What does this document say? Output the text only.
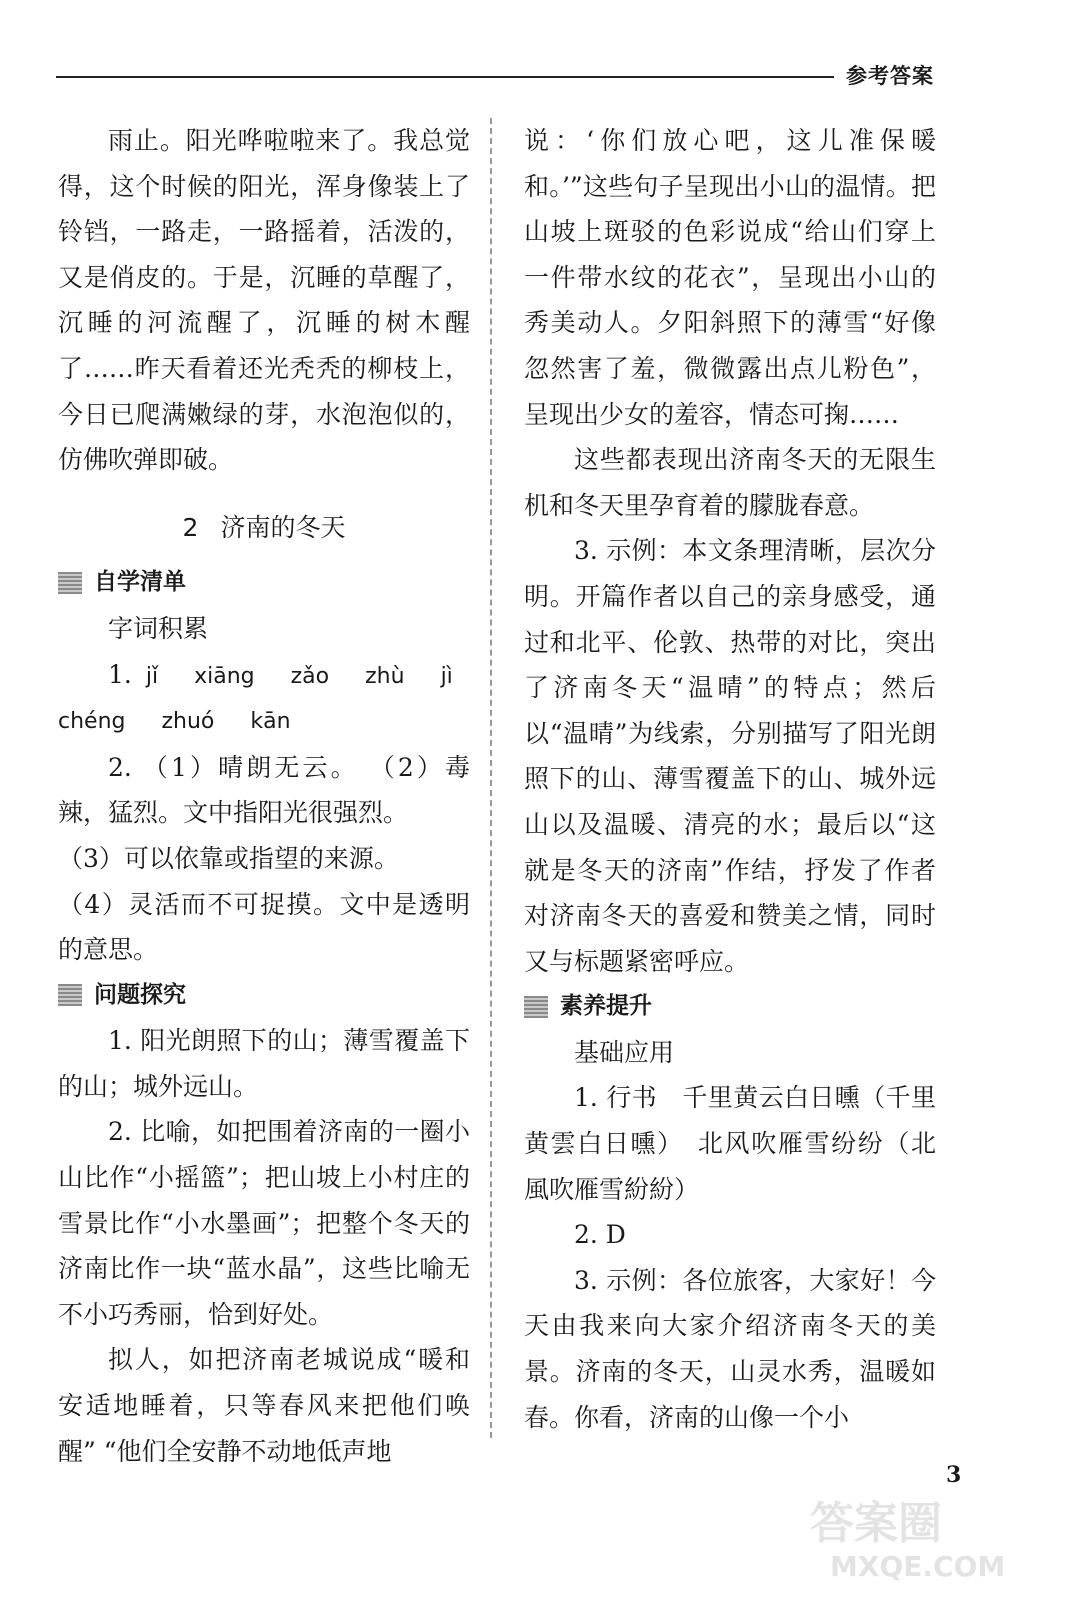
参考答案

雨止。阳光哗啦啦来了。我总觉得，这个时候的阳光，浑身像装上了铃铛，一路走，一路摇着，活泼的，又是俏皮的。于是，沉睡的草醒了，沉睡的河流醒了，沉睡的树木醒了……昨天看着还光秃秃的柳枝上，今日已爬满嫩绿的芽，水泡泡似的，仿佛吹弹即破。

2 济南的冬天
自学清单

字词积累

1. jǐ xiāng zǎo zhù jì

chéng zhuó kān

2. （1）晴朗无云。 （2）毒辣，猛烈。文中指阳光很强烈。

（3）可以依靠或指望的来源。

（4）灵活而不可捉摸。文中是透明的意思。

问题探究

1. 阳光朗照下的山；薄雪覆盖下的山；城外远山。

2. 比喻，如把围着济南的一圈小山比作“小摇篮”；把山坡上小村庄的雪景比作“小水墨画”；把整个冬天的济南比作一块“蓝水晶”，这些比喻无不小巧秀丽，恰到好处。

拟人，如把济南老城说成“暖和安适地睡着，只等春风来把他们唤醒” “他们全安静不动地低声地

说：‘你们放心吧，这儿准保暖和。’”这些句子呈现出小山的温情。把山坡上斑驳的色彩说成“给山们穿上一件带水纹的花衣”，呈现出小山的秀美动人。夕阳斜照下的薄雪“好像忽然害了羞，微微露出点儿粉色”，呈现出少女的羞容，情态可掬……

这些都表现出济南冬天的无限生机和冬天里孕育着的朦胧春意。

3. 示例：本文条理清晰，层次分明。开篇作者以自己的亲身感受，通过和北平、伦敦、热带的对比，突出了济南冬天“温晴”的特点；然后以“温晴”为线索，分别描写了阳光朗照下的山、薄雪覆盖下的山、城外远山以及温暖、清亮的水；最后以“这就是冬天的济南”作结，抒发了作者对济南冬天的喜爱和赞美之情，同时又与标题紧密呼应。

素养提升

基础应用

1. 行书　千里黄云白日曛（千里黄雲白日曛）　北风吹雁雪纷纷（北風吹雁雪紛紛）

2. D

3. 示例：各位旅客，大家好！今天由我来向大家介绍济南冬天的美景。济南的冬天，山灵水秀，温暖如春。你看，济南的山像一个小

3
答案圈
MXQE.COM
